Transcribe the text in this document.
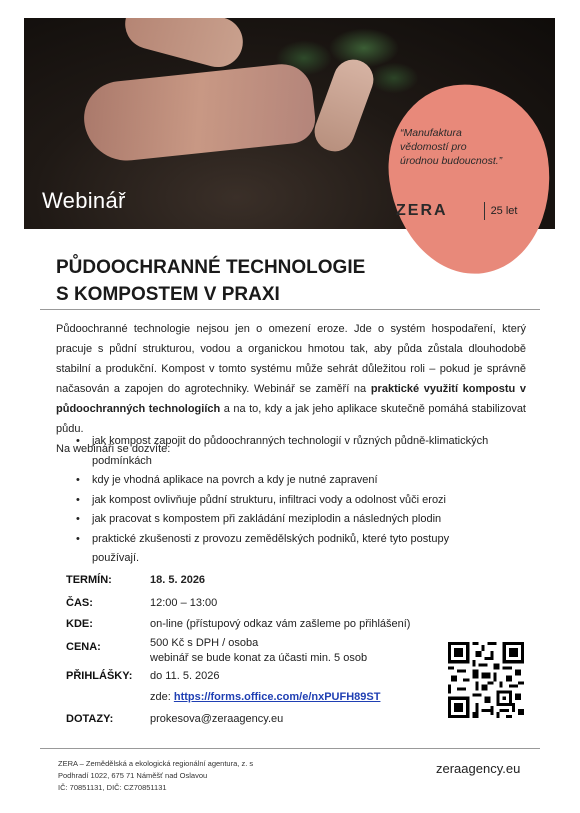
Webinář
“Manufaktura
vědomostí pro
úrodnou budoucnost.”
ZERA	25 let
PŮDOOCHRANNÉ TECHNOLOGIE
S KOMPOSTEM V PRAXI

Půdoochranné technologie nejsou jen o omezení eroze. Jde o systém hospodaření, který pracuje s půdní strukturou, vodou a organickou hmotou tak, aby půda zůstala dlouhodobě stabilní a produkční. Kompost v tomto systému může sehrát důležitou roli – pokud je správně načasován a zapojen do agrotechniky. Webinář se zaměří na praktické využití kompostu v půdoochranných technologiích a na to, kdy a jak jeho aplikace skutečně pomáhá stabilizovat půdu.

Na webináři se dozvíte:

• jak kompost zapojit do půdoochranných technologií v různých půdně-klimatických podmínkách
• kdy je vhodná aplikace na povrch a kdy je nutné zapravení
• jak kompost ovlivňuje půdní strukturu, infiltraci vody a odolnost vůči erozi
• jak pracovat s kompostem při zakládání meziplodin a následných plodin
• praktické zkušenosti z provozu zemědělských podniků, které tyto postupy používají.
TERMÍN:	18. 5. 2026
ČAS:	12:00 – 13:00
KDE:	on-line (přístupový odkaz vám zašleme po přihlášení)
CENA:	500 Kč s DPH / osoba
webinář se bude konat za účasti min. 5 osob
PŘIHLÁŠKY: do 11. 5. 2026
zde: https://forms.office.com/e/nxPUFH89ST
DOTAZY:	prokesova@zeraagency.eu
ZERA – Zemědělská a ekologická regionální agentura, z. s
Podhradí 1022, 675 71 Náměšť nad Oslavou
IČ: 70851131, DIČ: CZ70851131
zeraagency.eu
